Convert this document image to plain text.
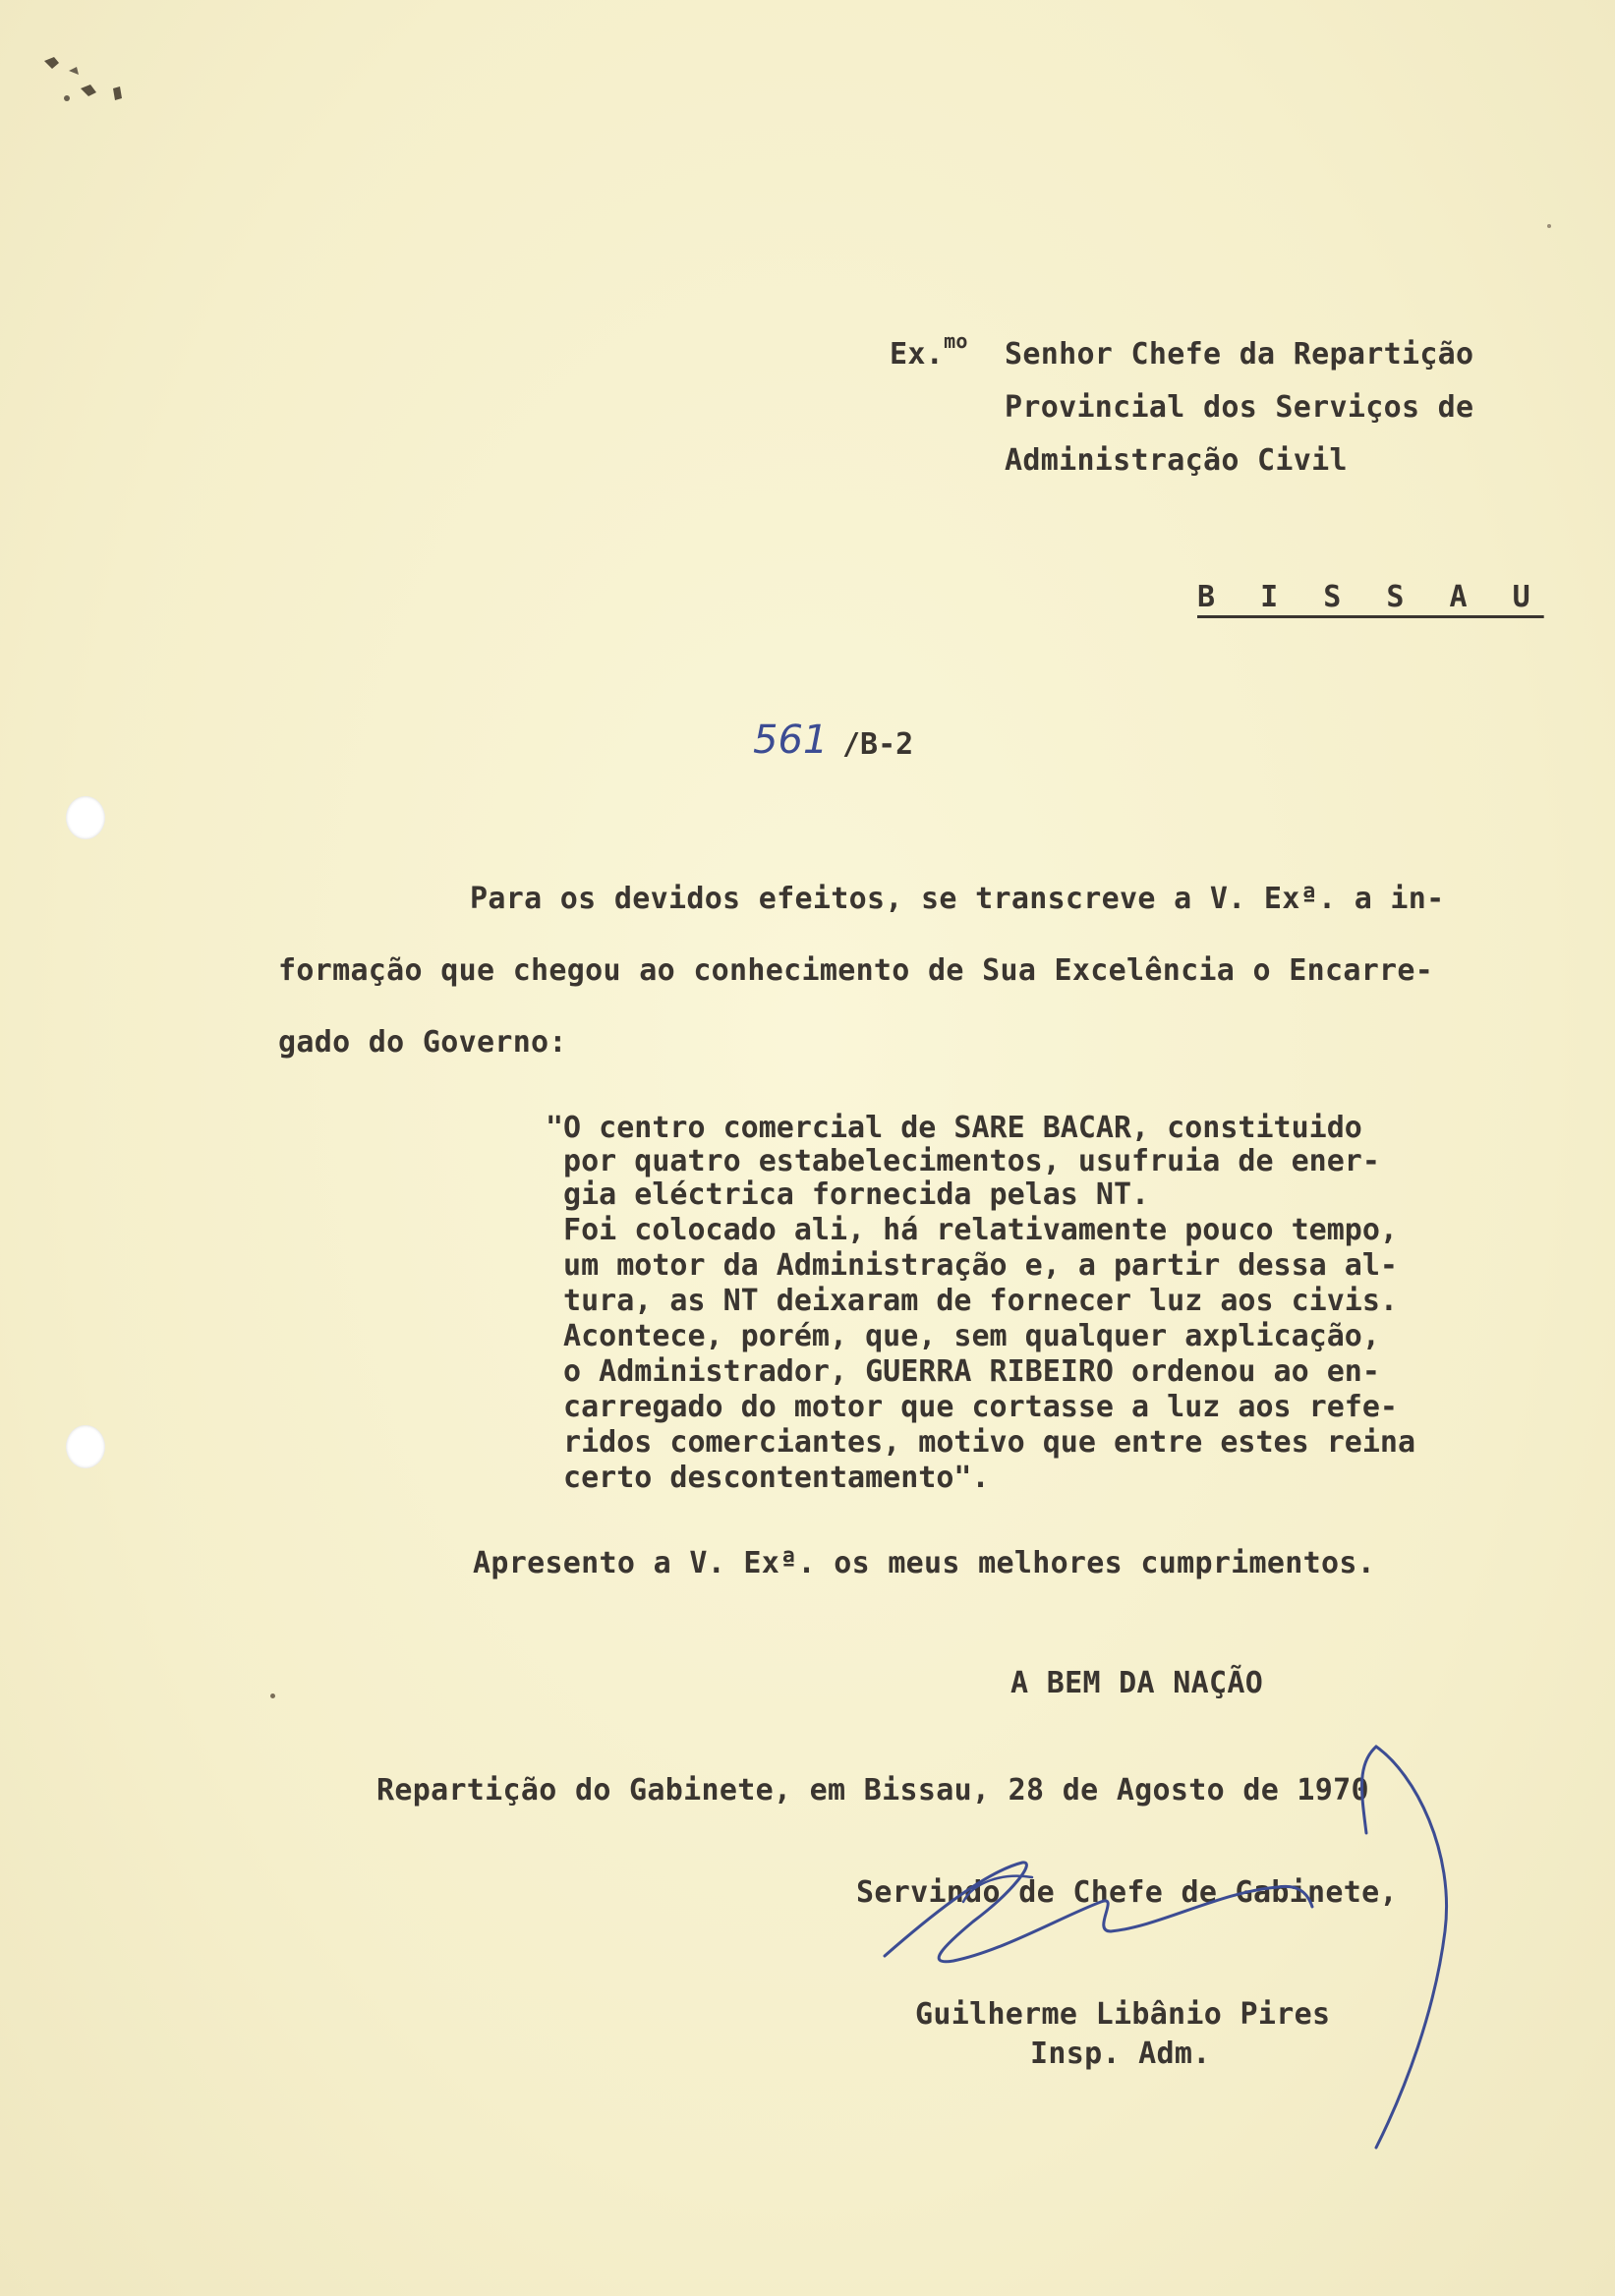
Ex.$^{mo}$ Senhor Chefe da Repartição
Provincial dos Serviços de
Administração Civil
B I S S A U
561 /B-2
Para os devidos efeitos, se transcreve a V. Exª. a in-
formação que chegou ao conhecimento de Sua Excelência o Encarre-
gado do Governo:
"O centro comercial de SARE BACAR, constituido
por quatro estabelecimentos, usufruia de ener-
gia eléctrica fornecida pelas NT.
Foi colocado ali, há relativamente pouco tempo,
um motor da Administração e, a partir dessa al-
tura, as NT deixaram de fornecer luz aos civis.
Acontece, porém, que, sem qualquer axplicação,
o Administrador, GUERRA RIBEIRO ordenou ao en-
carregado do motor que cortasse a luz aos refe-
ridos comerciantes, motivo que entre estes reina
certo descontentamento".
Apresento a V. Exª. os meus melhores cumprimentos.
A BEM DA NAÇÃO
Repartição do Gabinete, em Bissau, 28 de Agosto de 1970
Servindo de Chefe de Gabinete,
Guilherme Libânio Pires
Insp. Adm.
